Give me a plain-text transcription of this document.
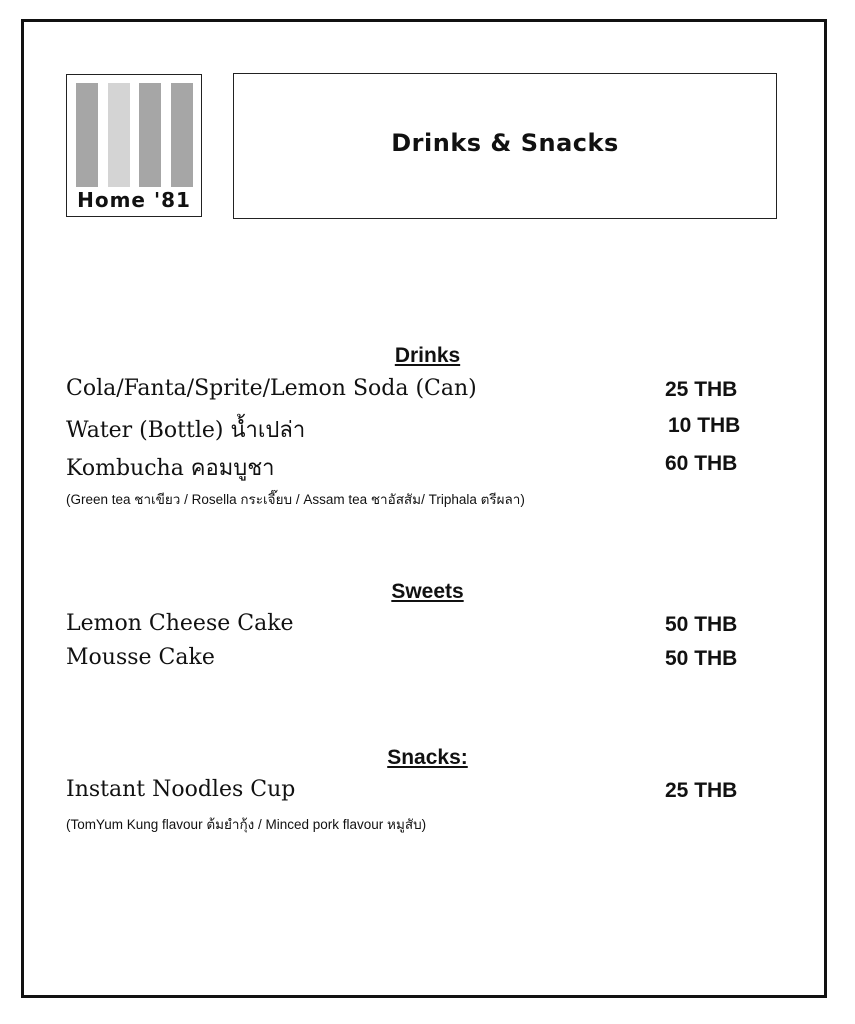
Home '81
Drinks & Snacks
Drinks
Cola/Fanta/Sprite/Lemon Soda (Can)	25 THB
Water (Bottle) น้ำเปล่า	10 THB
Kombucha คอมบูชา	60 THB
(Green tea ชาเขียว / Rosella กระเจี๊ยบ / Assam tea ชาอัสสัม/ Triphala ตรีผลา)
Sweets
Lemon Cheese Cake	50 THB
Mousse Cake	50 THB
Snacks:
Instant Noodles Cup	25 THB
(TomYum Kung flavour ต้มยำกุ้ง / Minced pork flavour หมูสับ)
